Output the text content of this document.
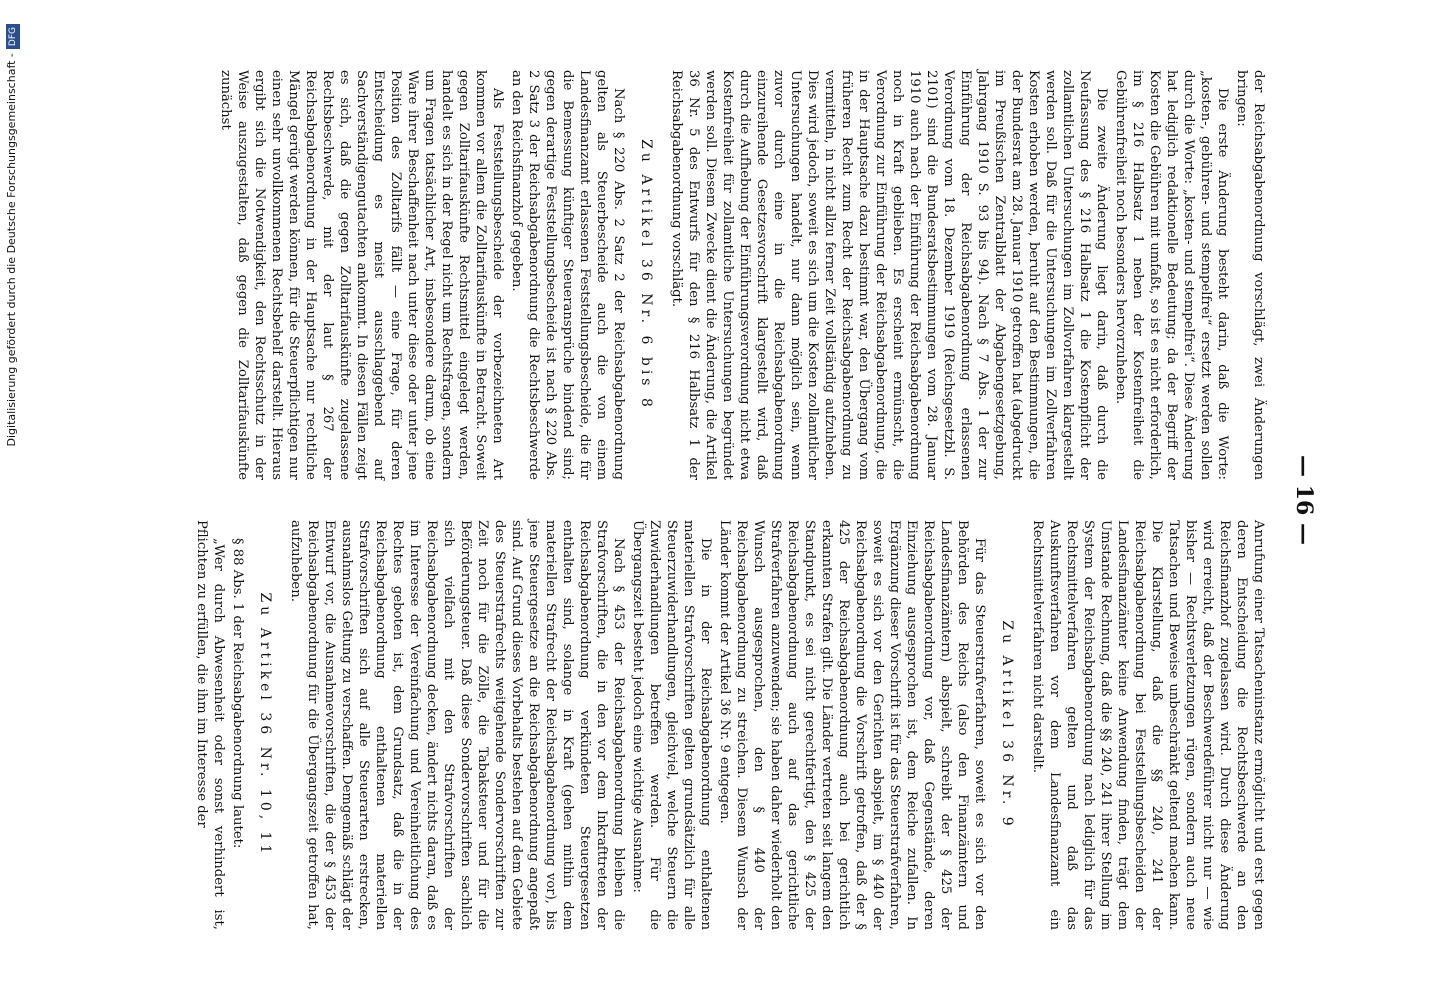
— 16 —

der Reichsabgabenordnung vorschlägt, zwei Änderungen bringen:

Die erste Änderung besteht darin, daß die Worte: „kosten-, gebühren- und stempelfrei“ ersetzt werden sollen durch die Worte: „kosten- und stempelfrei“. Diese Änderung hat lediglich redaktionelle Bedeutung; da der Begriff der Kosten die Gebühren mit umfaßt, so ist es nicht erforderlich, im § 216 Halbsatz 1 neben der Kostenfreiheit die Gebührenfreiheit noch besonders hervorzuheben.

Die zweite Änderung liegt darin, daß durch die Neufassung des § 216 Halbsatz 1 die Kostenpflicht der zollamtlichen Untersuchungen im Zollvorfahren klargestellt werden soll. Daß für die Untersuchungen im Zollverfahren Kosten erhoben werden, beruht auf den Bestimmungen, die der Bundesrat am 28. Januar 1910 getroffen hat (abgedruckt im Preußischen Zentralblatt der Abgabengesetzgebung, Jahrgang 1910 S. 93 bis 94). Nach § 7 Abs. 1 der zur Einführung der Reichsabgabenordnung erlassenen Verordnung vom 18. Dezember 1919 (Reichsgesetzbl. S. 2101) sind die Bundesratsbestimmungen vom 28. Januar 1910 auch nach der Einführung der Reichsabgabenordnung noch in Kraft geblieben. Es erscheint ermünscht, die Verordnung zur Einführung der Reichsabgabenordnung, die in der Hauptsache dazu bestimmt war, den Übergang vom früheren Recht zum Recht der Reichsabgabenordnung zu vermitteln, in nicht allzu ferner Zeit vollständig aufzuheben. Dies wird jedoch, soweit es sich um die Kosten zollamtlicher Untersuchungen handelt, nur dann möglich sein, wenn zuvor durch eine in die Reichsabgabenordnung einzureihende Gesetzesvorschrift klargestellt wird, daß durch die Aufhebung der Einführungsverordnung nicht etwa Kostenfreiheit für zollamtliche Untersuchungen begründet werden soll. Diesem Zwecke dient die Änderung, die Artikel 36 Nr. 5 des Entwurfs für den § 216 Halbsatz 1 der Reichsabgabenordnung vorschlägt.

Zu Artikel 36 Nr. 6 bis 8

Nach § 220 Abs. 2 Satz 2 der Reichsabgabenordnung gelten als Steuerbescheide auch die von einem Landesfinanzamt erlassenen Feststellungsbescheide, die für die Bemessung künftiger Steueransprüche bindend sind; gegen derartige Feststellungsbescheide ist nach § 220 Abs. 2 Satz 3 der Reichsabgabenordnung die Rechtsbeschwerde an den Reichsfinanzhof gegeben.

Als Feststellungsbescheide der vorbezeichneten Art kommen vor allem die Zolltarifauskünfte in Betracht. Soweit gegen Zolltarifauskünfte Rechtsmittel eingelegt werden, handelt es sich in der Regel nicht um Rechtsfragen, sondern um Fragen tatsächlicher Art, insbesondere darum, ob eine Ware ihrer Beschaffenheit nach unter diese oder unter jene Position des Zolltarifs fällt — eine Frage, für deren Entscheidung es meist ausschlaggebend auf Sachverständigengutachten ankommt. In diesen Fällen zeigt es sich, daß die gegen Zolltarifauskünfte zugelassene Rechtsbeschwerde, mit der laut § 267 der Reichsabgabenordnung in der Hauptsache nur rechtliche Mängel gerügt werden können, für die Steuerpflichtigen nur einen sehr unvollkommenen Rechtsbehelf darstellt. Hieraus ergibt sich die Notwendigkeit, den Rechtsschutz in der Weise auszugestalten, daß gegen die Zolltarifauskünfte zunächst

Anrufung einer Tatsacheninstanz ermöglicht und erst gegen deren Entscheidung die Rechtsbeschwerde an den Reichsfinanzhof zugelassen wird. Durch diese Änderung wird erreicht, daß der Beschwerdeführer nicht nur — wie bisher — Rechtsverletzungen rügen, sondern auch neue Tatsachen und Beweise unbeschränkt geltend machen kann. Die Klarstellung, daß die §§ 240, 241 der Reichsabgabenordnung bei Feststellungsbescheiden der Landesfinanzämter keine Anwendung finden, trägt dem Umstande Rechnung, daß die §§ 240, 241 ihrer Stellung im System der Reichsabgabenordnung nach lediglich für das Rechtsmittelverfahren gelten und daß das Auskunftsverfahren vor dem Landesfinanzamt ein Rechtsmittelverfahren nicht darstellt.

Zu Artikel 36 Nr. 9

Für das Steuerstrafverfahren, soweit es sich vor den Behörden des Reichs (also den Finanzämtern und Landesfinanzämtern) abspielt, schreibt der § 425 der Reichsabgabenordnung vor, daß Gegenstände, deren Einziehung ausgesprochen ist, dem Reiche zufallen. In Ergänzung dieser Vorschrift ist für das Steuerstrafverfahren, soweit es sich vor den Gerichten abspielt, im § 440 der Reichsabgabenordnung die Vorschrift getroffen, daß der § 425 der Reichsabgabenordnung auch bei gerichtlich erkannten Strafen gilt. Die Länder vertreten seit langem den Standpunkt, es sei nicht gerechtfertigt, den § 425 der Reichsabgabenordnung auch auf das gerichtliche Strafverfahren anzuwenden; sie haben daher wiederholt den Wunsch ausgesprochen, den § 440 der Reichsabgabenordnung zu streichen. Diesem Wunsch der Länder kommt der Artikel 36 Nr. 9 entgegen.

Die in der Reichsabgabenordnung enthaltenen materiellen Strafvorschriften gelten grundsätzlich für alle Steuerzuwiderhandlungen, gleichviel, welche Steuern die Zuwiderhandlungen betreffen werden. Für die Übergangszeit besteht jedoch eine wichtige Ausnahme:

Nach § 453 der Reichsabgabenordnung bleiben die Strafvorschriften, die in den vor dem Inkrafttreten der Reichsabgabenordnung verkündeten Steuergesetzen enthalten sind, solange in Kraft (gehen mithin dem materiellen Strafrecht der Reichsabgabenordnung vor), bis jene Steuergesetze an die Reichsabgabenordnung angepaßt sind. Auf Grund dieses Vorbehalts bestehen auf dem Gebiete des Steuerstrafrechts weitgehende Sondervorschriften zur Zeit noch für die Zölle, die Tabaksteuer und für die Beförderungsteuer. Daß diese Sondervorschriften sachlich sich vielfach mit den Strafvorschriften der Reichsabgabenordnung decken, ändert nichts daran, daß es im Interesse der Vereinfachung und Vereinheitlichung des Rechtes geboten ist, dem Grundsatz, daß die in der Reichsabgabenordnung enthaltenen materiellen Strafvorschriften sich auf alle Steuerarten erstrecken, ausnahmslos Geltung zu verschaffen. Demgemäß schlägt der Entwurf vor, die Ausnahmevorschriften, die der § 453 der Reichsabgabenordnung für die Übergangszeit getroffen hat, aufzuheben.

Zu Artikel 36 Nr. 10, 11

§ 88 Abs. 1 der Reichsabgabenordnung lautet:

„Wer durch Abwesenheit oder sonst verhindert ist, Pflichten zu erfüllen, die ihm im Interesse der

Digitalisierung gefördert durch die Deutsche Forschungsgemeinschaft -DFG
